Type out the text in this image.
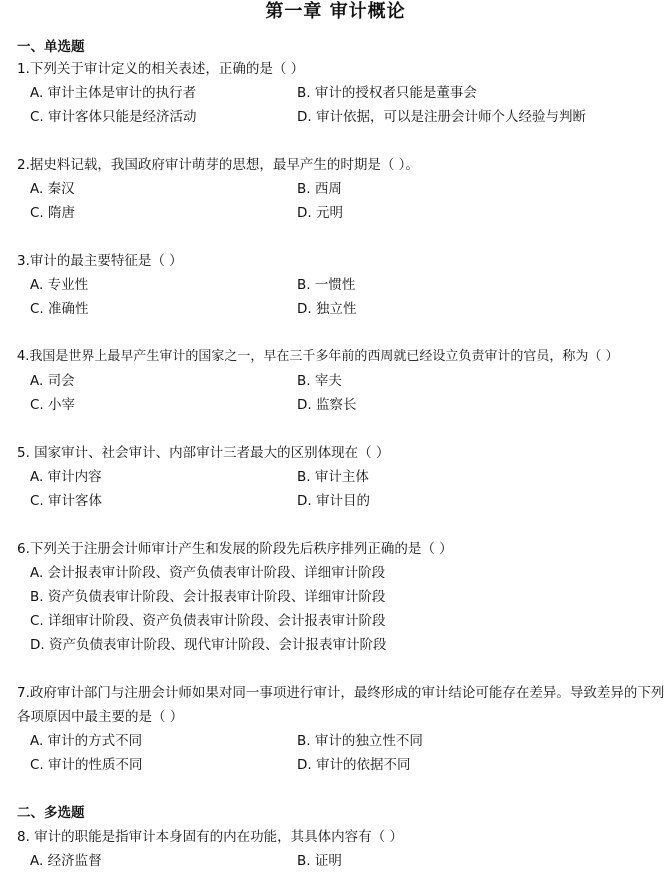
第一章 审计概论
一、单选题
1.下列关于审计定义的相关表述，正确的是（ ）
A. 审计主体是审计的执行者	B. 审计的授权者只能是董事会
C. 审计客体只能是经济活动	D. 审计依据，可以是注册会计师个人经验与判断
2.据史料记载，我国政府审计萌芽的思想，最早产生的时期是（ ）。
A. 秦汉	B. 西周
C. 隋唐	D. 元明
3.审计的最主要特征是（ ）
A. 专业性	B. 一惯性
C. 准确性	D. 独立性
4.我国是世界上最早产生审计的国家之一，早在三千多年前的西周就已经设立负责审计的官员，称为（ ）
A. 司会	B. 宰夫
C. 小宰	D. 监察长
5. 国家审计、社会审计、内部审计三者最大的区别体现在（ ）
A. 审计内容	B. 审计主体
C. 审计客体	D. 审计目的
6.下列关于注册会计师审计产生和发展的阶段先后秩序排列正确的是（ ）
A. 会计报表审计阶段、资产负债表审计阶段、详细审计阶段
B. 资产负债表审计阶段、会计报表审计阶段、详细审计阶段
C. 详细审计阶段、资产负债表审计阶段、会计报表审计阶段
D. 资产负债表审计阶段、现代审计阶段、会计报表审计阶段
7.政府审计部门与注册会计师如果对同一事项进行审计，最终形成的审计结论可能存在差异。导致差异的下列各项原因中最主要的是（ ）
A. 审计的方式不同	B. 审计的独立性不同
C. 审计的性质不同	D. 审计的依据不同
二、多选题
8. 审计的职能是指审计本身固有的内在功能，其具体内容有（ ）
A. 经济监督	B. 证明
